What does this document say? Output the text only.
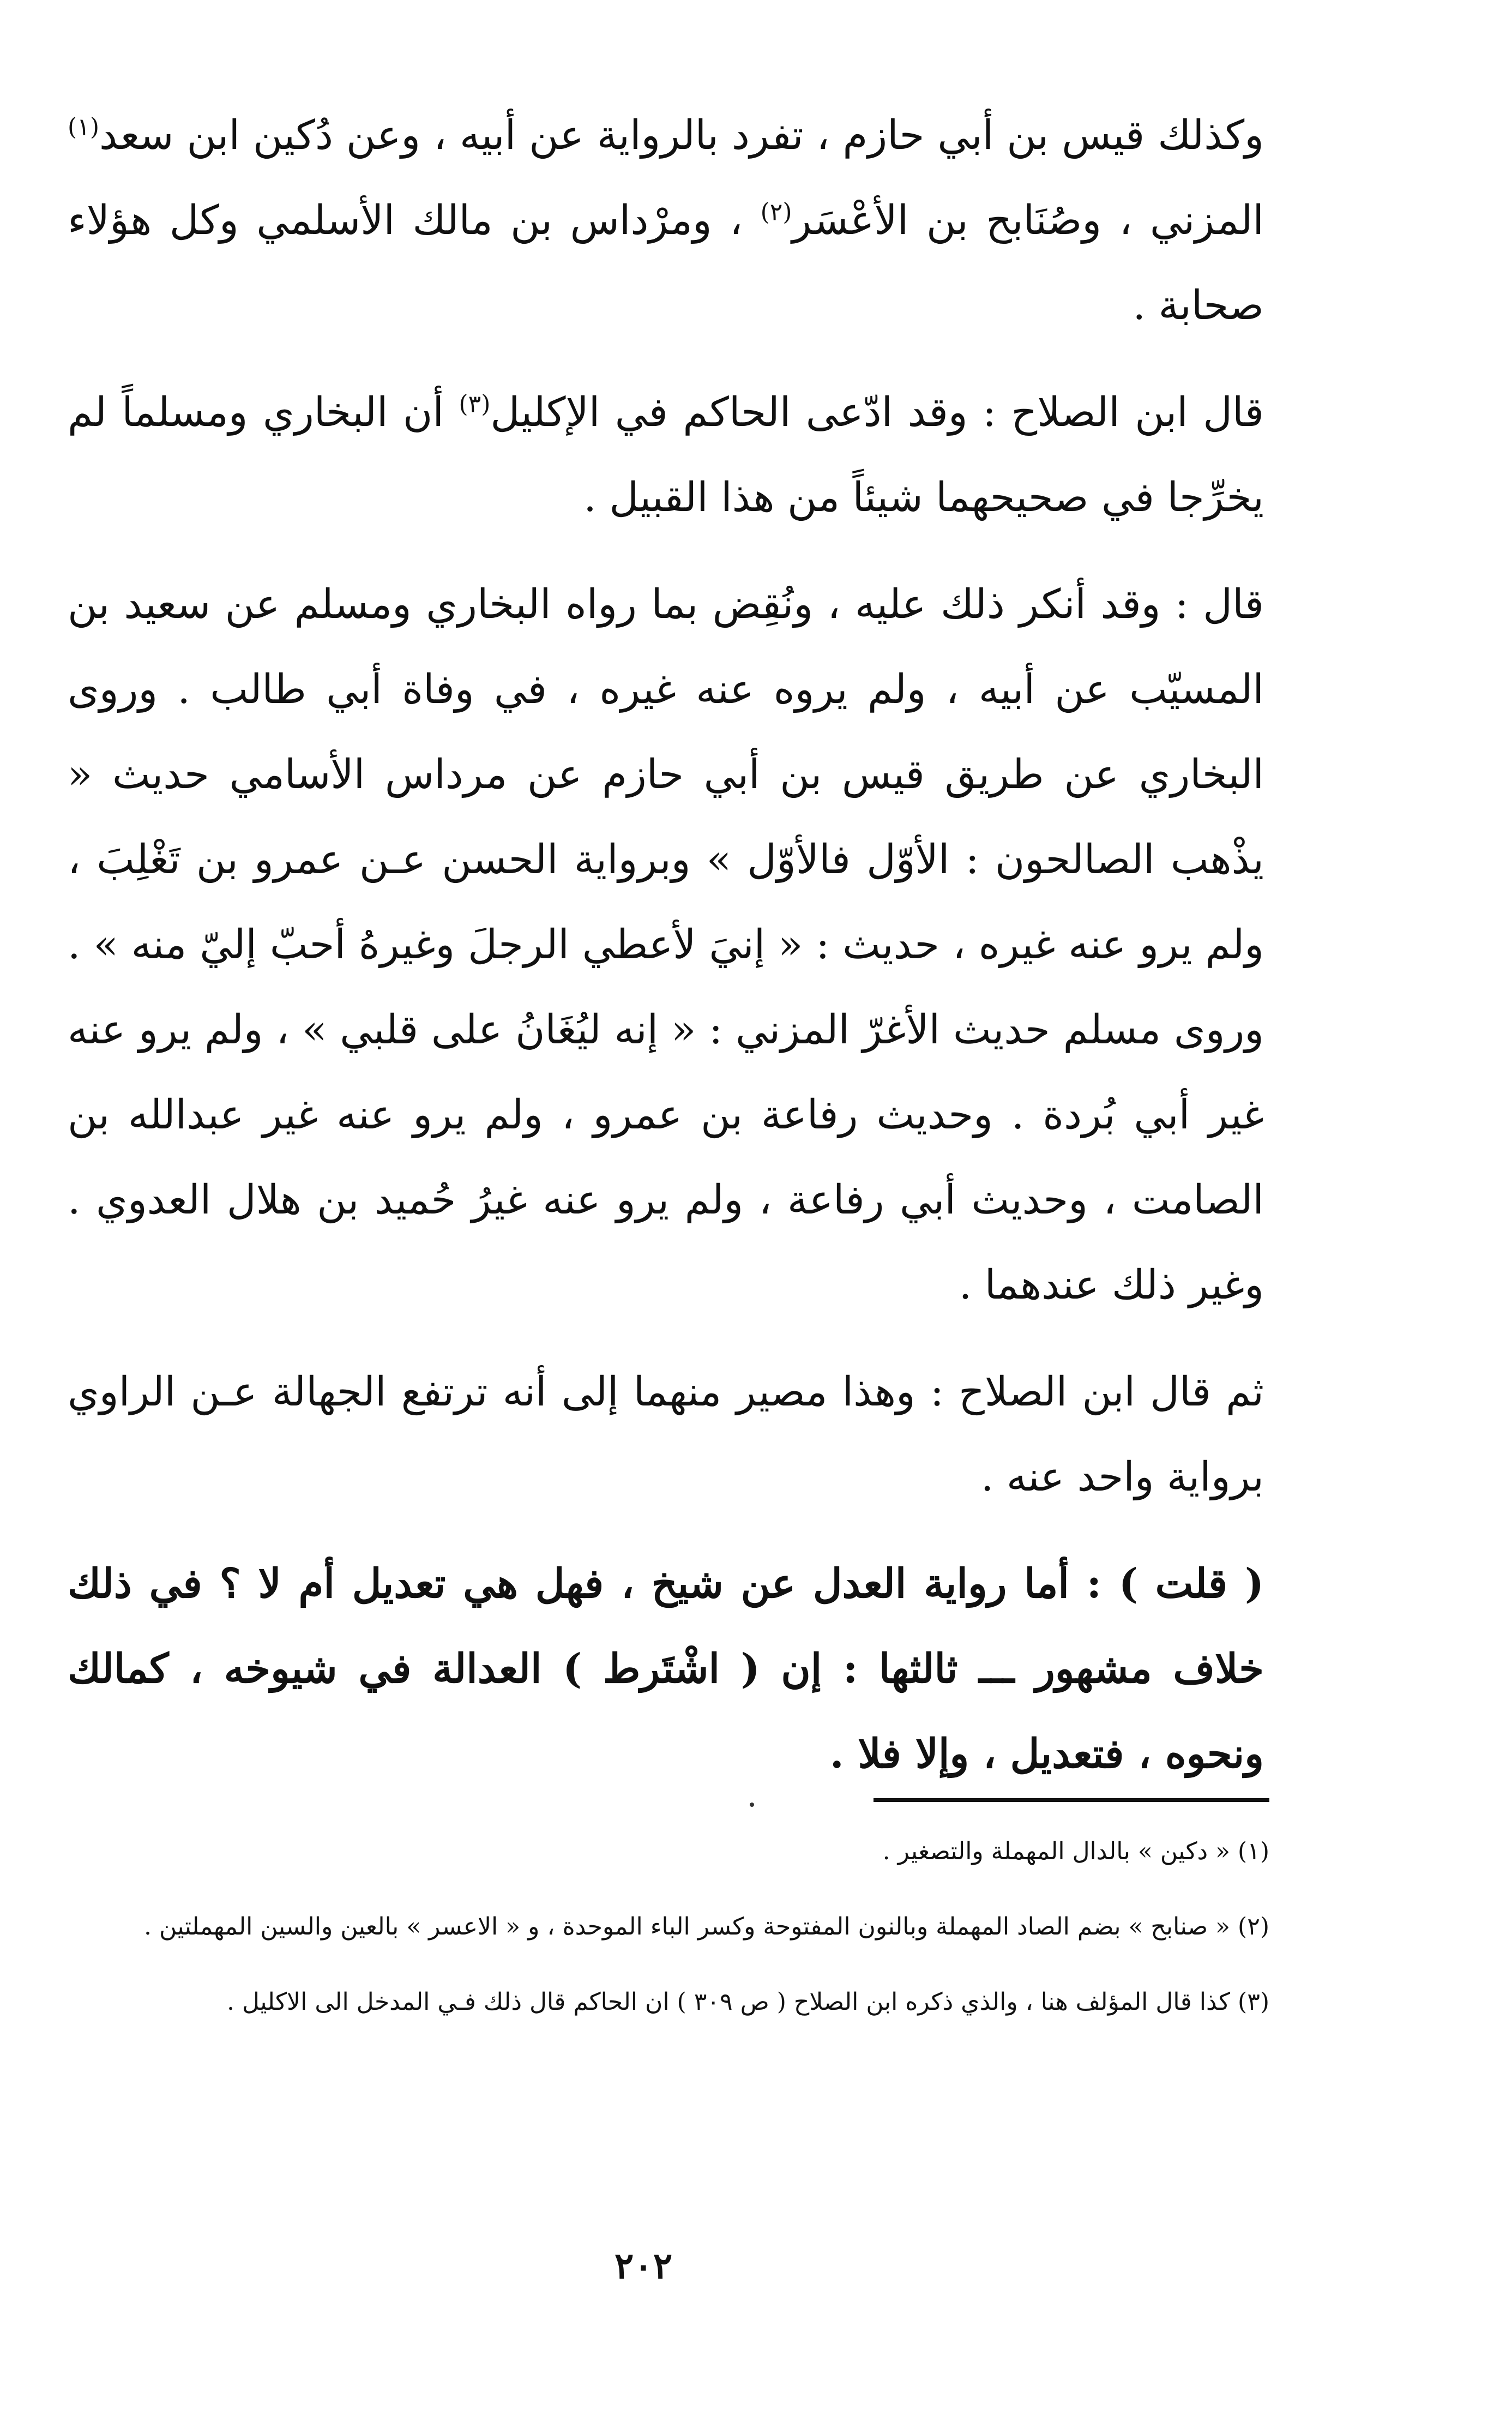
وكذلك قيس بن أبي حازم ، تفرد بالرواية عن أبيه ، وعن دُكين ابن سعد$^{(١)}$ المزني ، وصُنَابح بن الأعْسَر$^{(٢)}$ ، ومرْداس بن مالك الأسلمي وكل هؤلاء صحابة .

قال ابن الصلاح : وقد ادّعى الحاكم في الإكليل$^{(٣)}$ أن البخاري ومسلماً لم يخرِّجا في صحيحهما شيئاً من هذا القبيل .

قال : وقد أنكر ذلك عليه ، ونُقِض بما رواه البخاري ومسلم عن سعيد بن المسيّب عن أبيه ، ولم يروه عنه غيره ، في وفاة أبي طالب . وروى البخاري عن طريق قيس بن أبي حازم عن مرداس الأسامي حديث « يذْهب الصالحون : الأوّل فالأوّل » وبرواية الحسن عـن عمرو بن تَغْلِبَ ، ولم يرو عنه غيره ، حديث : « إنيَ لأعطي الرجلَ وغيرهُ أحبّ إليّ منه » . وروى مسلم حديث الأغرّ المزني : « إنه ليُغَانُ على قلبي » ، ولم يرو عنه غير أبي بُردة . وحديث رفاعة بن عمرو ، ولم يرو عنه غير عبدالله بن الصامت ، وحديث أبي رفاعة ، ولم يرو عنه غيرُ حُميد بن هلال العدوي . وغير ذلك عندهما .

ثم قال ابن الصلاح : وهذا مصير منهما إلى أنه ترتفع الجهالة عـن الراوي برواية واحد عنه .

( قلت ) : أما رواية العدل عن شيخ ، فهل هي تعديل أم لا ؟ في ذلك خلاف مشهور ـــ ثالثها : إن ( اشْتَرط ) العدالة في شيوخه ، كمالك ونحوه ، فتعديل ، وإلا فلا .

(١) « دكين » بالدال المهملة والتصغير .

(٢) « صنابح » بضم الصاد المهملة وبالنون المفتوحة وكسر الباء الموحدة ، و « الاعسر » بالعين والسين المهملتين .

(٣) كذا قال المؤلف هنا ، والذي ذكره ابن الصلاح ( ص ٣٠٩ ) ان الحاكم قال ذلك فـي المدخل الى الاكليل .

٢٠٢
